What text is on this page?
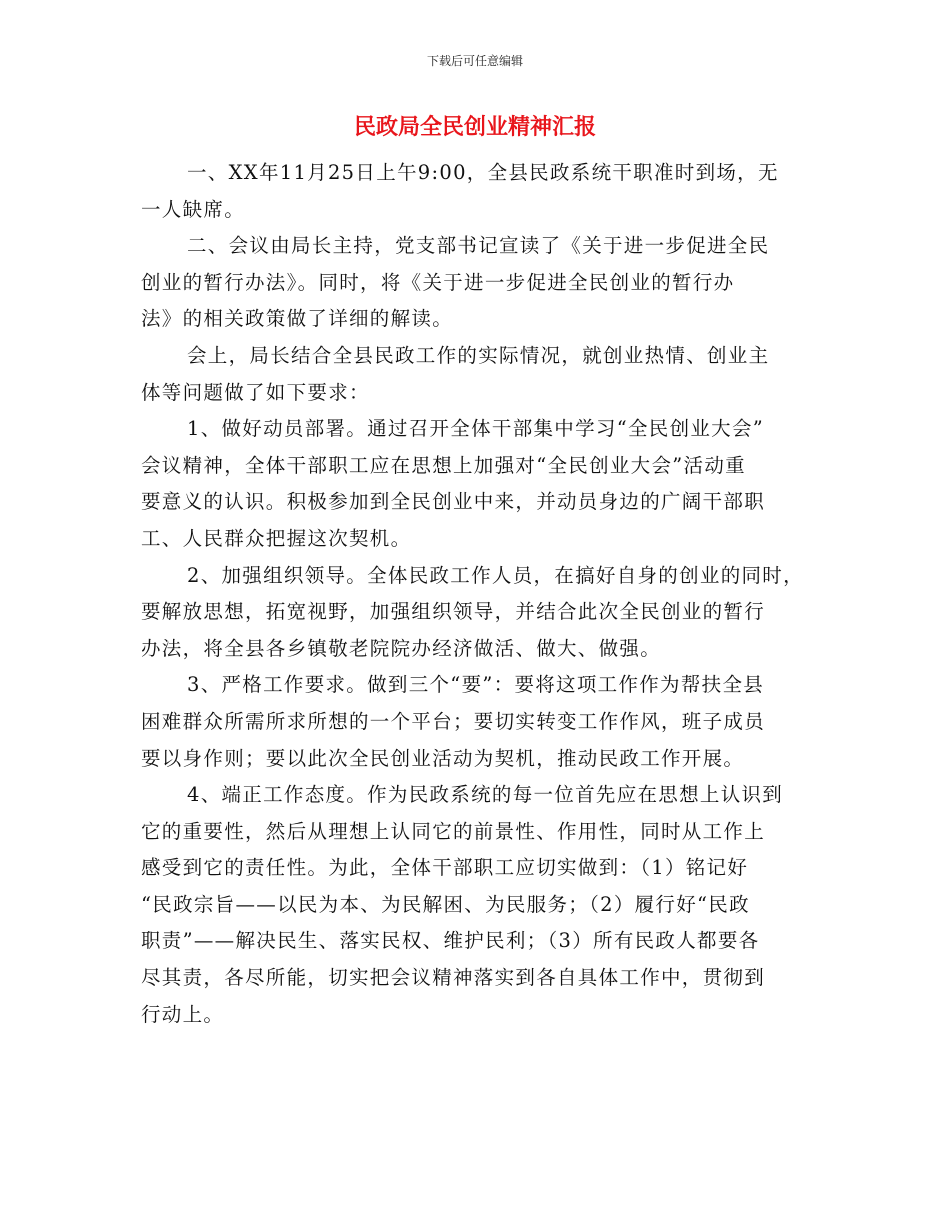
下载后可任意编辑
民政局全民创业精神汇报
一、XX年11月25日上午9:00，全县民政系统干职准时到场，无
一人缺席。
二、会议由局长主持，党支部书记宣读了《关于进一步促进全民
创业的暂行办法》。同时，将《关于进一步促进全民创业的暂行办
法》的相关政策做了详细的解读。
会上，局长结合全县民政工作的实际情况，就创业热情、创业主
体等问题做了如下要求：
1、做好动员部署。通过召开全体干部集中学习“全民创业大会”
会议精神，全体干部职工应在思想上加强对“全民创业大会”活动重
要意义的认识。积极参加到全民创业中来，并动员身边的广阔干部职
工、人民群众把握这次契机。
2、加强组织领导。全体民政工作人员，在搞好自身的创业的同时，
要解放思想，拓宽视野，加强组织领导，并结合此次全民创业的暂行
办法，将全县各乡镇敬老院院办经济做活、做大、做强。
3、严格工作要求。做到三个“要”：要将这项工作作为帮扶全县
困难群众所需所求所想的一个平台；要切实转变工作作风，班子成员
要以身作则；要以此次全民创业活动为契机，推动民政工作开展。
4、端正工作态度。作为民政系统的每一位首先应在思想上认识到
它的重要性，然后从理想上认同它的前景性、作用性，同时从工作上
感受到它的责任性。为此，全体干部职工应切实做到：（1）铭记好
“民政宗旨——以民为本、为民解困、为民服务；（2）履行好“民政
职责”——解决民生、落实民权、维护民利；（3）所有民政人都要各
尽其责，各尽所能，切实把会议精神落实到各自具体工作中，贯彻到
行动上。
